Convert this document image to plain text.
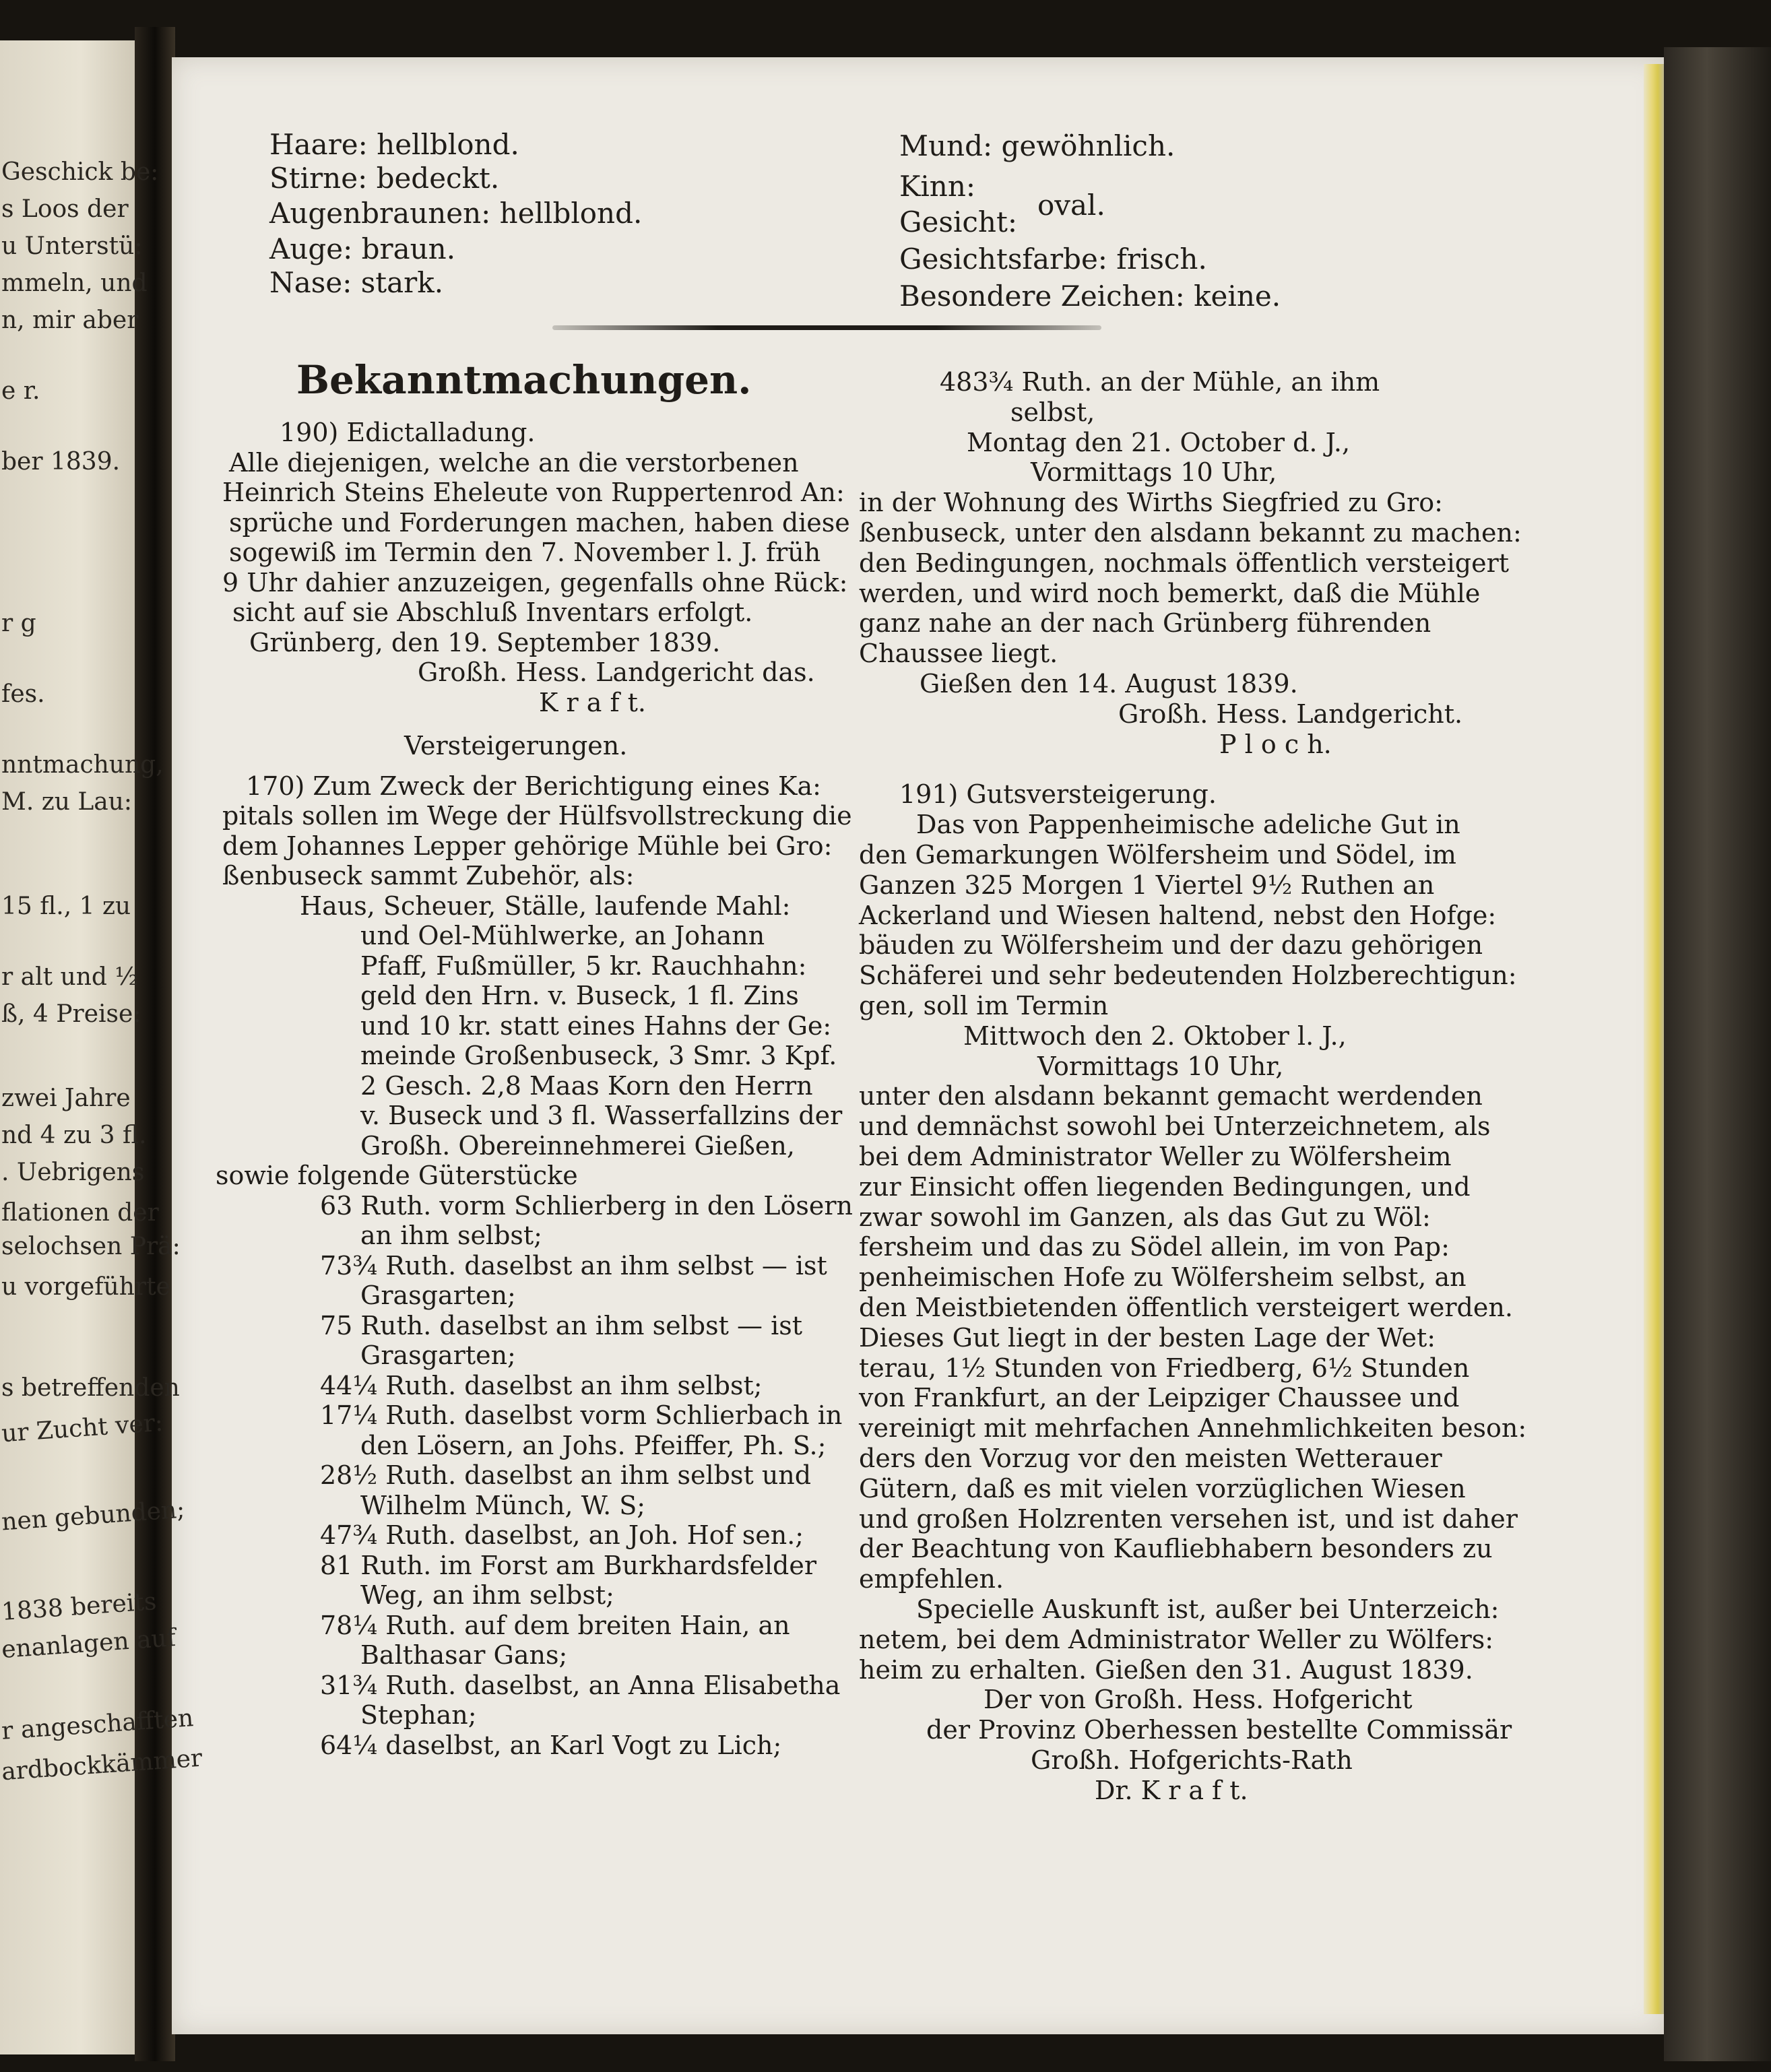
Geschick be:
s Loos der
u Unterstü:
mmeln, und
n, mir aber
e r.
ber 1839.
r g
fes.
nntmachung,
M. zu Lau:
15 fl., 1 zu
r alt und ½
ß, 4 Preise:
zwei Jahre
nd 4 zu 3 fl.
. Uebrigens
flationen der
selochsen Prä:
u vorgeführte
s betreffenden
ur Zucht ver:
nen gebunden;
1838 bereits
enanlagen auf
r angeschafften
ardbockkämmer
Haare: hellblond.
Stirne: bedeckt.
Augenbraunen: hellblond.
Auge: braun.
Nase: stark.
Mund: gewöhnlich.
Kinn:
Gesicht:
oval.
Gesichtsfarbe: frisch.
Besondere Zeichen: keine.
Bekanntmachungen.
190) Edictalladung.
Alle diejenigen, welche an die verstorbenen
Heinrich Steins Eheleute von Ruppertenrod An:
sprüche und Forderungen machen, haben diese
sogewiß im Termin den 7. November l. J. früh
9 Uhr dahier anzuzeigen, gegenfalls ohne Rück:
sicht auf sie Abschluß Inventars erfolgt.
Grünberg, den 19. September 1839.
Großh. Hess. Landgericht das.
K r a f t.
Versteigerungen.
170) Zum Zweck der Berichtigung eines Ka:
pitals sollen im Wege der Hülfsvollstreckung die
dem Johannes Lepper gehörige Mühle bei Gro:
ßenbuseck sammt Zubehör, als:
Haus, Scheuer, Ställe, laufende Mahl:
und Oel-Mühlwerke, an Johann
Pfaff, Fußmüller, 5 kr. Rauchhahn:
geld den Hrn. v. Buseck, 1 fl. Zins
und 10 kr. statt eines Hahns der Ge:
meinde Großenbuseck, 3 Smr. 3 Kpf.
2 Gesch. 2,8 Maas Korn den Herrn
v. Buseck und 3 fl. Wasserfallzins der
Großh. Obereinnehmerei Gießen,
sowie folgende Güterstücke
63 Ruth. vorm Schlierberg in den Lösern
an ihm selbst;
73¾ Ruth. daselbst an ihm selbst — ist
Grasgarten;
75 Ruth. daselbst an ihm selbst — ist
Grasgarten;
44¼ Ruth. daselbst an ihm selbst;
17¼ Ruth. daselbst vorm Schlierbach in
den Lösern, an Johs. Pfeiffer, Ph. S.;
28½ Ruth. daselbst an ihm selbst und
Wilhelm Münch, W. S;
47¾ Ruth. daselbst, an Joh. Hof sen.;
81 Ruth. im Forst am Burkhardsfelder
Weg, an ihm selbst;
78¼ Ruth. auf dem breiten Hain, an
Balthasar Gans;
31¾ Ruth. daselbst, an Anna Elisabetha
Stephan;
64¼ daselbst, an Karl Vogt zu Lich;
483¾ Ruth. an der Mühle, an ihm
selbst,
Montag den 21. October d. J.,
Vormittags 10 Uhr,
in der Wohnung des Wirths Siegfried zu Gro:
ßenbuseck, unter den alsdann bekannt zu machen:
den Bedingungen, nochmals öffentlich versteigert
werden, und wird noch bemerkt, daß die Mühle
ganz nahe an der nach Grünberg führenden
Chaussee liegt.
Gießen den 14. August 1839.
Großh. Hess. Landgericht.
P l o c h.
191) Gutsversteigerung.
Das von Pappenheimische adeliche Gut in
den Gemarkungen Wölfersheim und Södel, im
Ganzen 325 Morgen 1 Viertel 9½ Ruthen an
Ackerland und Wiesen haltend, nebst den Hofge:
bäuden zu Wölfersheim und der dazu gehörigen
Schäferei und sehr bedeutenden Holzberechtigun:
gen, soll im Termin
Mittwoch den 2. Oktober l. J.,
Vormittags 10 Uhr,
unter den alsdann bekannt gemacht werdenden
und demnächst sowohl bei Unterzeichnetem, als
bei dem Administrator Weller zu Wölfersheim
zur Einsicht offen liegenden Bedingungen, und
zwar sowohl im Ganzen, als das Gut zu Wöl:
fersheim und das zu Södel allein, im von Pap:
penheimischen Hofe zu Wölfersheim selbst, an
den Meistbietenden öffentlich versteigert werden.
Dieses Gut liegt in der besten Lage der Wet:
terau, 1½ Stunden von Friedberg, 6½ Stunden
von Frankfurt, an der Leipziger Chaussee und
vereinigt mit mehrfachen Annehmlichkeiten beson:
ders den Vorzug vor den meisten Wetterauer
Gütern, daß es mit vielen vorzüglichen Wiesen
und großen Holzrenten versehen ist, und ist daher
der Beachtung von Kaufliebhabern besonders zu
empfehlen.
Specielle Auskunft ist, außer bei Unterzeich:
netem, bei dem Administrator Weller zu Wölfers:
heim zu erhalten. Gießen den 31. August 1839.
Der von Großh. Hess. Hofgericht
der Provinz Oberhessen bestellte Commissär
Großh. Hofgerichts-Rath
Dr. K r a f t.
